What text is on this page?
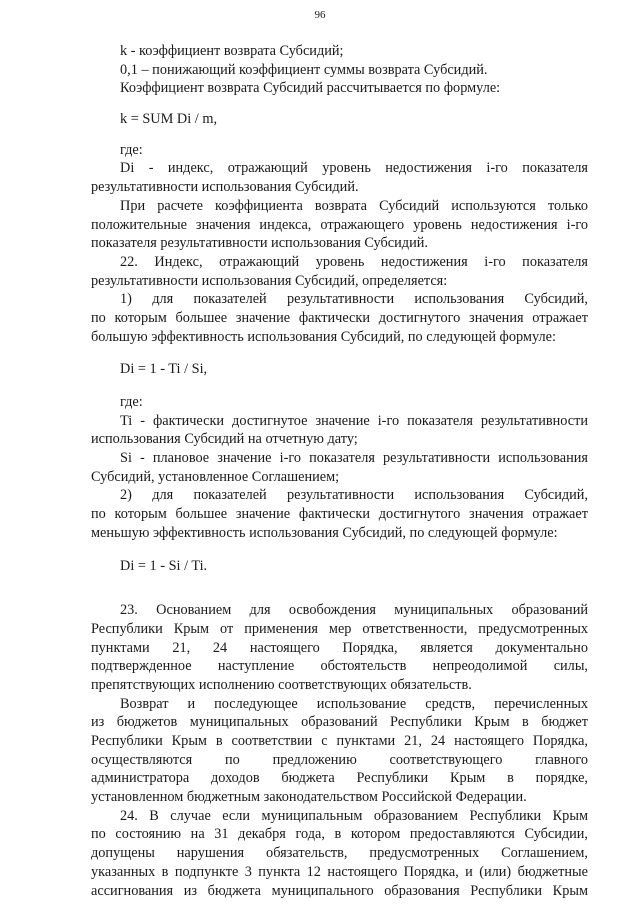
96
k - коэффициент возврата Субсидий;
0,1 – понижающий коэффициент суммы возврата Субсидий.
Коэффициент возврата Субсидий рассчитывается по формуле:
k = SUM Di / m,
где:
Di - индекс, отражающий уровень недостижения i-го показателя
результативности использования Субсидий.
При расчете коэффициента возврата Субсидий используются только
положительные значения индекса, отражающего уровень недостижения i-го
показателя результативности использования Субсидий.
22. Индекс, отражающий уровень недостижения i-го показателя
результативности использования Субсидий, определяется:
1) для показателей результативности использования Субсидий,
по которым большее значение фактически достигнутого значения отражает
большую эффективность использования Субсидий, по следующей формуле:
Di = 1 - Ti / Si,
где:
Ti - фактически достигнутое значение i-го показателя результативности
использования Субсидий на отчетную дату;
Si - плановое значение i-го показателя результативности использования
Субсидий, установленное Соглашением;
2) для показателей результативности использования Субсидий,
по которым большее значение фактически достигнутого значения отражает
меньшую эффективность использования Субсидий, по следующей формуле:
Di = 1 - Si / Ti.
23. Основанием для освобождения муниципальных образований
Республики Крым от применения мер ответственности, предусмотренных
пунктами 21, 24 настоящего Порядка, является документально
подтвержденное наступление обстоятельств непреодолимой силы,
препятствующих исполнению соответствующих обязательств.
Возврат и последующее использование средств, перечисленных
из бюджетов муниципальных образований Республики Крым в бюджет
Республики Крым в соответствии с пунктами 21, 24 настоящего Порядка,
осуществляются по предложению соответствующего главного
администратора доходов бюджета Республики Крым в порядке,
установленном бюджетным законодательством Российской Федерации.
24. В случае если муниципальным образованием Республики Крым
по состоянию на 31 декабря года, в котором предоставляются Субсидии,
допущены нарушения обязательств, предусмотренных Соглашением,
указанных в подпункте 3 пункта 12 настоящего Порядка, и (или) бюджетные
ассигнования из бюджета муниципального образования Республики Крым
